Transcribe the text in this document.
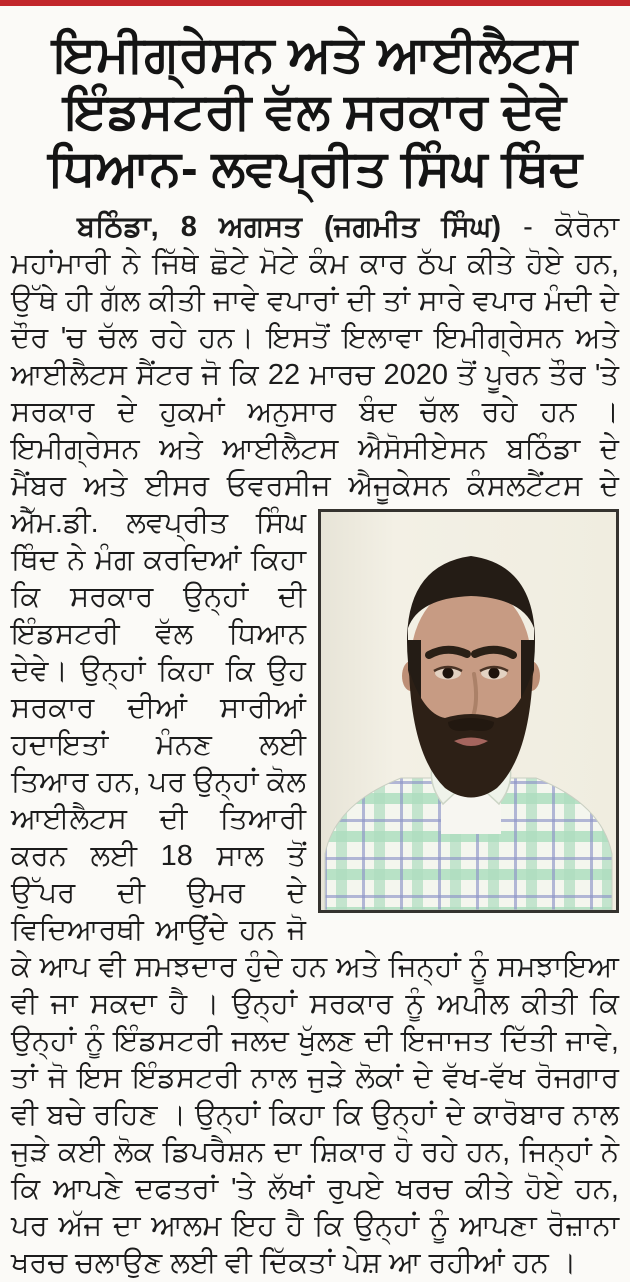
ਇਮੀਗ੍ਰੇਸਨ ਅਤੇ ਆਈਲੈਟਸ
ਇੰਡਸਟਰੀ ਵੱਲ ਸਰਕਾਰ ਦੇਵੇ
ਧਿਆਨ- ਲਵਪ੍ਰੀਤ ਸਿੰਘ ਥਿੰਦ

ਬਠਿੰਡਾ, 8 ਅਗਸਤ (ਜਗਮੀਤ ਸਿੰਘ) - ਕੋਰੋਨਾ ਮਹਾਂਮਾਰੀ ਨੇ ਜਿੱਥੇ ਛੋਟੇ ਮੋਟੇ ਕੰਮ ਕਾਰ ਠੱਪ ਕੀਤੇ ਹੋਏ ਹਨ, ਉੱਥੇ ਹੀ ਗੱਲ ਕੀਤੀ ਜਾਵੇ ਵਪਾਰਾਂ ਦੀ ਤਾਂ ਸਾਰੇ ਵਪਾਰ ਮੰਦੀ ਦੇ ਦੌਰ 'ਚ ਚੱਲ ਰਹੇ ਹਨ। ਇਸਤੋਂ ਇਲਾਵਾ ਇਮੀਗ੍ਰੇਸਨ ਅਤੇ ਆਈਲੈਟਸ ਸੈਂਟਰ ਜੋ ਕਿ 22 ਮਾਰਚ 2020 ਤੋਂ ਪੂਰਨ ਤੌਰ 'ਤੇ ਸਰਕਾਰ ਦੇ ਹੁਕਮਾਂ ਅਨੁਸਾਰ ਬੰਦ ਚੱਲ ਰਹੇ ਹਨ । ਇਮੀਗ੍ਰੇਸਨ ਅਤੇ ਆਈਲੈਟਸ ਐਸੋਸੀਏਸਨ ਬਠਿੰਡਾ ਦੇ ਮੈਂਬਰ ਅਤੇ ਈਸਰ ਓਵਰਸੀਜ ਐਜੂਕੇਸਨ ਕੰਸਲਟੈਂਟਸ ਦੇ ਐੱਮ.ਡੀ. ਲਵਪ੍ਰੀਤ ਸਿੰਘ
ਥਿੰਦ ਨੇ ਮੰਗ ਕਰਦਿਆਂ ਕਿਹਾ ਕਿ ਸਰਕਾਰ ਉਨ੍ਹਾਂ ਦੀ ਇੰਡਸਟਰੀ ਵੱਲ ਧਿਆਨ ਦੇਵੇ। ਉਨ੍ਹਾਂ ਕਿਹਾ ਕਿ ਉਹ ਸਰਕਾਰ ਦੀਆਂ ਸਾਰੀਆਂ ਹਦਾਇਤਾਂ ਮੰਨਣ ਲਈ ਤਿਆਰ ਹਨ, ਪਰ ਉਨ੍ਹਾਂ ਕੋਲ ਆਈਲੈਟਸ ਦੀ ਤਿਆਰੀ ਕਰਨ ਲਈ 18 ਸਾਲ ਤੋਂ ਉੱਪਰ ਦੀ ਉਮਰ ਦੇ ਵਿਦਿਆਰਥੀ ਆਉਂਦੇ ਹਨ ਜੋ ਕੇ ਆਪ ਵੀ ਸਮਝਦਾਰ ਹੁੰਦੇ ਹਨ ਅਤੇ ਜਿਨ੍ਹਾਂ ਨੂੰ ਸਮਝਾਇਆ ਵੀ ਜਾ ਸਕਦਾ ਹੈ । ਉਨ੍ਹਾਂ ਸਰਕਾਰ ਨੂੰ ਅਪੀਲ ਕੀਤੀ ਕਿ ਉਨ੍ਹਾਂ ਨੂੰ ਇੰਡਸਟਰੀ ਜਲਦ ਖੁੱਲਣ ਦੀ ਇਜਾਜਤ ਦਿੱਤੀ ਜਾਵੇ, ਤਾਂ ਜੋ ਇਸ ਇੰਡਸਟਰੀ ਨਾਲ ਜੁੜੇ ਲੋਕਾਂ ਦੇ ਵੱਖ-ਵੱਖ ਰੋਜਗਾਰ ਵੀ ਬਚੇ ਰਹਿਣ । ਉਨ੍ਹਾਂ ਕਿਹਾ ਕਿ ਉਨ੍ਹਾਂ ਦੇ ਕਾਰੋਬਾਰ ਨਾਲ ਜੁੜੇ ਕਈ ਲੋਕ ਡਿਪਰੈਸ਼ਨ ਦਾ ਸ਼ਿਕਾਰ ਹੋ ਰਹੇ ਹਨ, ਜਿਨ੍ਹਾਂ ਨੇ ਕਿ ਆਪਣੇ ਦਫਤਰਾਂ 'ਤੇ ਲੱਖਾਂ ਰੁਪਏ ਖਰਚ ਕੀਤੇ ਹੋਏ ਹਨ, ਪਰ ਅੱਜ ਦਾ ਆਲਮ ਇਹ ਹੈ ਕਿ ਉਨ੍ਹਾਂ ਨੂੰ ਆਪਣਾ ਰੋਜ਼ਾਨਾ ਖਰਚ ਚਲਾਉਣ ਲਈ ਵੀ ਦਿੱਕਤਾਂ ਪੇਸ਼ ਆ ਰਹੀਆਂ ਹਨ ।
